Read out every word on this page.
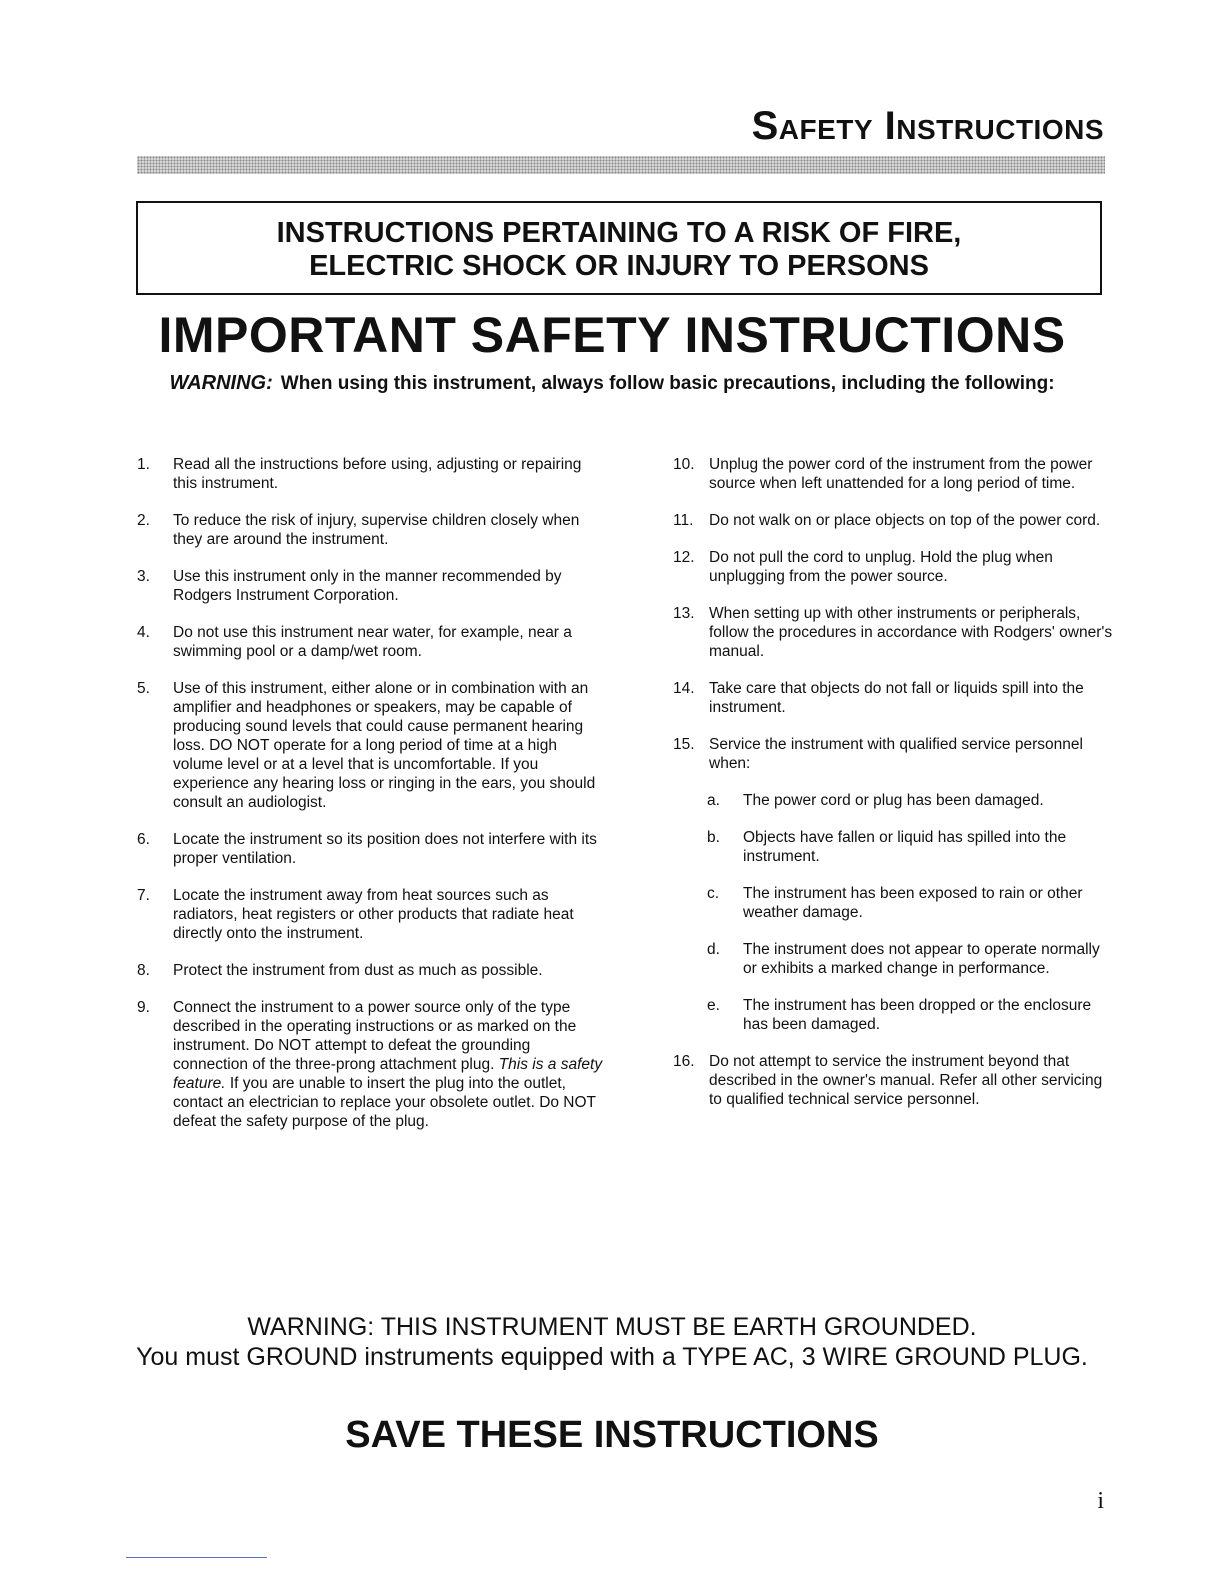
Safety Instructions
INSTRUCTIONS PERTAINING TO A RISK OF FIRE,
ELECTRIC SHOCK OR INJURY TO PERSONS
IMPORTANT SAFETY INSTRUCTIONS
WARNING: When using this instrument, always follow basic precautions, including the following:
1.	Read all the instructions before using, adjusting or repairing this instrument.
2.	To reduce the risk of injury, supervise children closely when they are around the instrument.
3.	Use this instrument only in the manner recommended by Rodgers Instrument Corporation.
4.	Do not use this instrument near water, for example, near a swimming pool or a damp/wet room.
5.	Use of this instrument, either alone or in combination with an amplifier and headphones or speakers, may be capable of producing sound levels that could cause permanent hearing loss. DO NOT operate for a long period of time at a high volume level or at a level that is uncomfortable. If you experience any hearing loss or ringing in the ears, you should consult an audiologist.
6.	Locate the instrument so its position does not interfere with its proper ventilation.
7.	Locate the instrument away from heat sources such as radiators, heat registers or other products that radiate heat directly onto the instrument.
8.	Protect the instrument from dust as much as possible.
9.	Connect the instrument to a power source only of the type described in the operating instructions or as marked on the instrument. Do NOT attempt to defeat the grounding connection of the three-prong attachment plug. This is a safety feature. If you are unable to insert the plug into the outlet, contact an electrician to replace your obsolete outlet. Do NOT defeat the safety purpose of the plug.
10. Unplug the power cord of the instrument from the power source when left unattended for a long period of time.
11.	Do not walk on or place objects on top of the power cord.
12. Do not pull the cord to unplug. Hold the plug when unplugging from the power source.
13. When setting up with other instruments or peripherals, follow the procedures in accordance with Rodgers' owner's manual.
14. Take care that objects do not fall or liquids spill into the instrument.
15. Service the instrument with qualified service personnel when:
a.	The power cord or plug has been damaged.
b.	Objects have fallen or liquid has spilled into the instrument.
c.	The instrument has been exposed to rain or other weather damage.
d.	The instrument does not appear to operate normally or exhibits a marked change in performance.
e.	The instrument has been dropped or the enclosure has been damaged.
16. Do not attempt to service the instrument beyond that described in the owner's manual. Refer all other servicing to qualified technical service personnel.
WARNING: THIS INSTRUMENT MUST BE EARTH GROUNDED.
You must GROUND instruments equipped with a TYPE AC, 3 WIRE GROUND PLUG.
SAVE THESE INSTRUCTIONS
i
